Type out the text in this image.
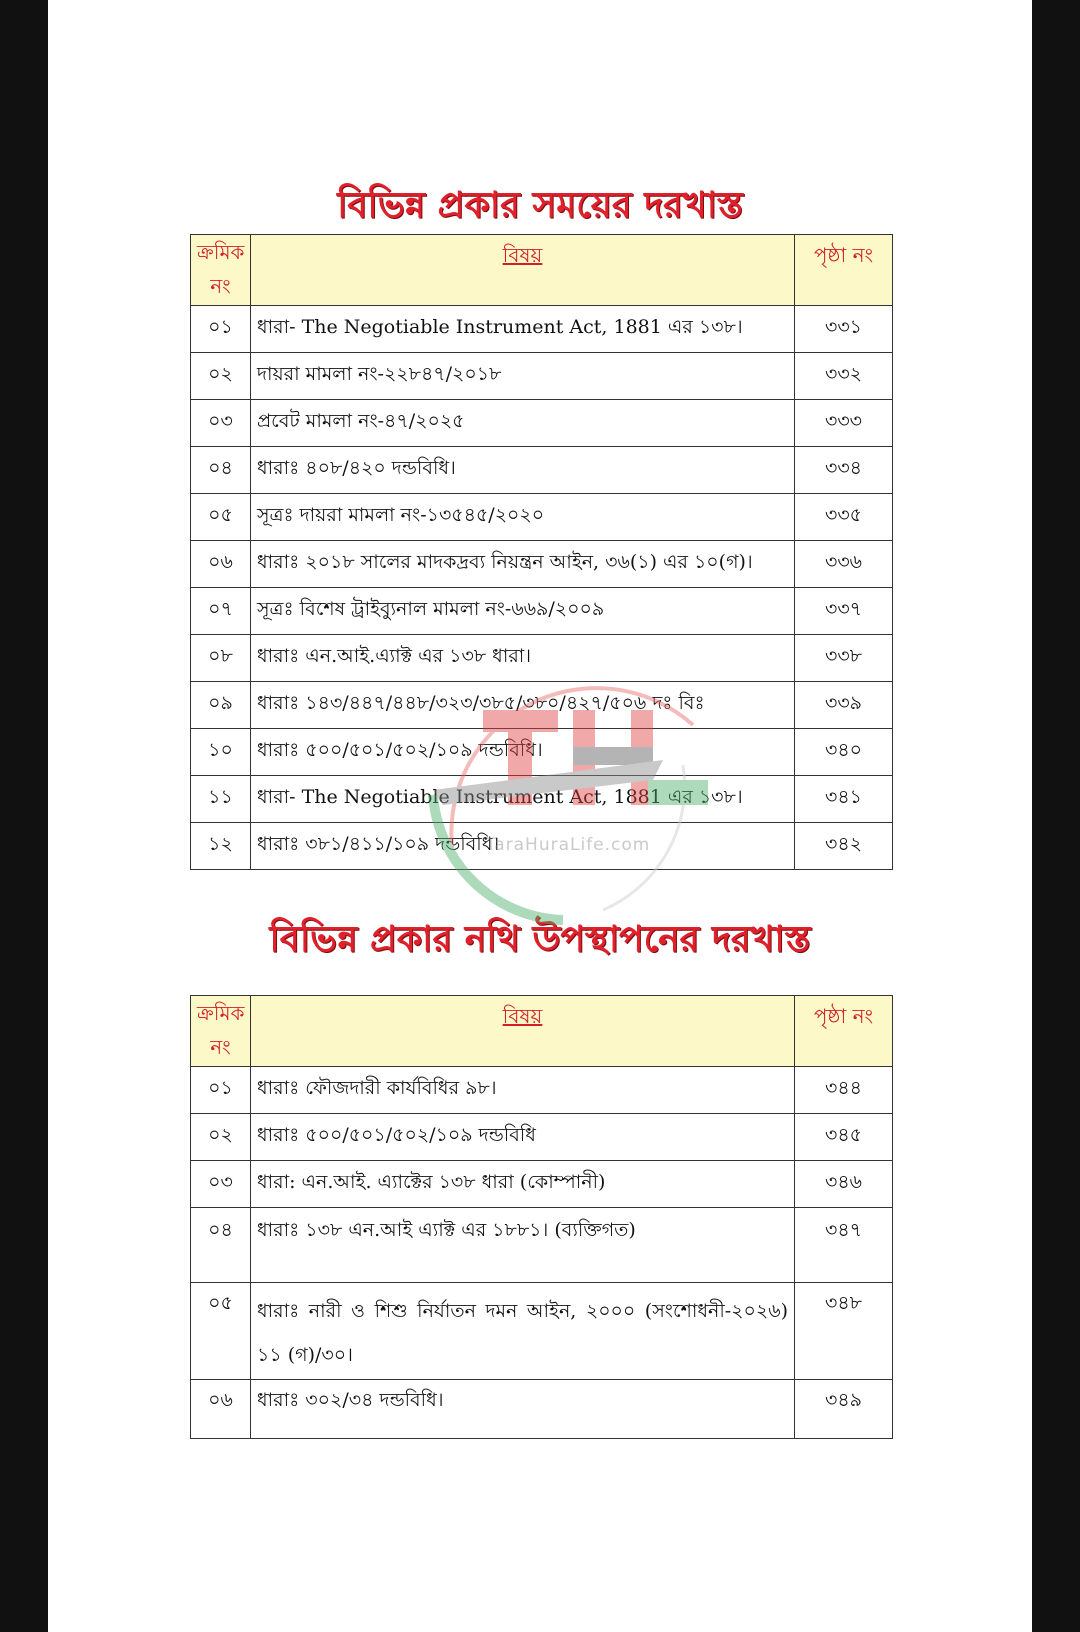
বিভিন্ন প্রকার সময়ের দরখাস্ত
ক্রমিক নং	বিষয়	পৃষ্ঠা নং
০১	ধারা- The Negotiable Instrument Act, 1881 এর ১৩৮।	৩৩১
০২	দায়রা মামলা নং-২২৮৪৭/২০১৮	৩৩২
০৩	প্রবেট মামলা নং-৪৭/২০২৫	৩৩৩
০৪	ধারাঃ ৪০৮/৪২০ দন্ডবিধি।	৩৩৪
০৫	সূত্রঃ দায়রা মামলা নং-১৩৫৪৫/২০২০	৩৩৫
০৬	ধারাঃ ২০১৮ সালের মাদকদ্রব্য নিয়ন্ত্রন আইন, ৩৬(১) এর ১০(গ)।	৩৩৬
০৭	সূত্রঃ বিশেষ ট্রাইব্যুনাল মামলা নং-৬৬৯/২০০৯	৩৩৭
০৮	ধারাঃ এন.আই.এ্যাক্ট এর ১৩৮ ধারা।	৩৩৮
০৯	ধারাঃ ১৪৩/৪৪৭/৪৪৮/৩২৩/৩৮৫/৩৮০/৪২৭/৫০৬ দঃ বিঃ	৩৩৯
১০	ধারাঃ ৫০০/৫০১/৫০২/১০৯ দন্ডবিধি।	৩৪০
১১	ধারা- The Negotiable Instrument Act, 1881 এর ১৩৮।	৩৪১
১২	ধারাঃ ৩৮১/৪১১/১০৯ দন্ডবিধি।	৩৪২
বিভিন্ন প্রকার নথি উপস্থাপনের দরখাস্ত
ক্রমিক নং	বিষয়	পৃষ্ঠা নং
০১	ধারাঃ ফৌজদারী কার্যবিধির ৯৮।	৩৪৪
০২	ধারাঃ ৫০০/৫০১/৫০২/১০৯ দন্ডবিধি	৩৪৫
০৩	ধারা: এন.আই. এ্যাক্টের ১৩৮ ধারা (কোম্পানী)	৩৪৬
০৪	ধারাঃ ১৩৮ এন.আই এ্যাক্ট এর ১৮৮১। (ব্যক্তিগত)	৩৪৭
০৫	ধারাঃ নারী ও শিশু নির্যাতন দমন আইন, ২০০০ (সংশোধনী-২০২৬) ১১ (গ)/৩০।	৩৪৮
০৬	ধারাঃ ৩০২/৩৪ দন্ডবিধি।	৩৪৯
TaraHuraLife.com
